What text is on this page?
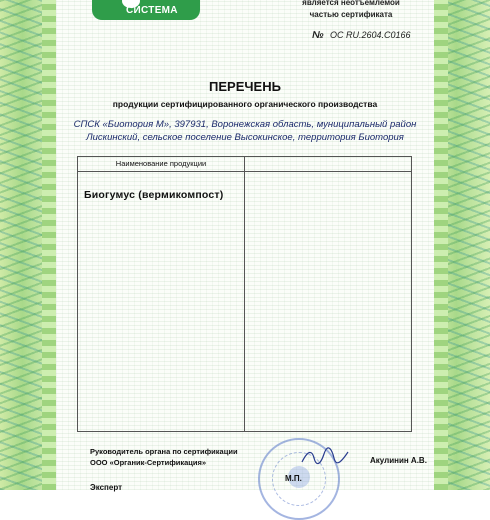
СИСТЕМА
является неотъемлемой
частью сертификата
№ ОС RU.2604.С0166
ПЕРЕЧЕНЬ
продукции сертифицированного органического производства
СПСК «Биотория М», 397931, Воронежская область, муниципальный район
Лискинский, сельское поселение Высокинское, территория Биотория
Наименование продукции
Биогумус (вермикомпост)
Руководитель органа по сертификации
ООО «Органик-Сертификация»	Акулинин А.В.
М.П.
Эксперт
